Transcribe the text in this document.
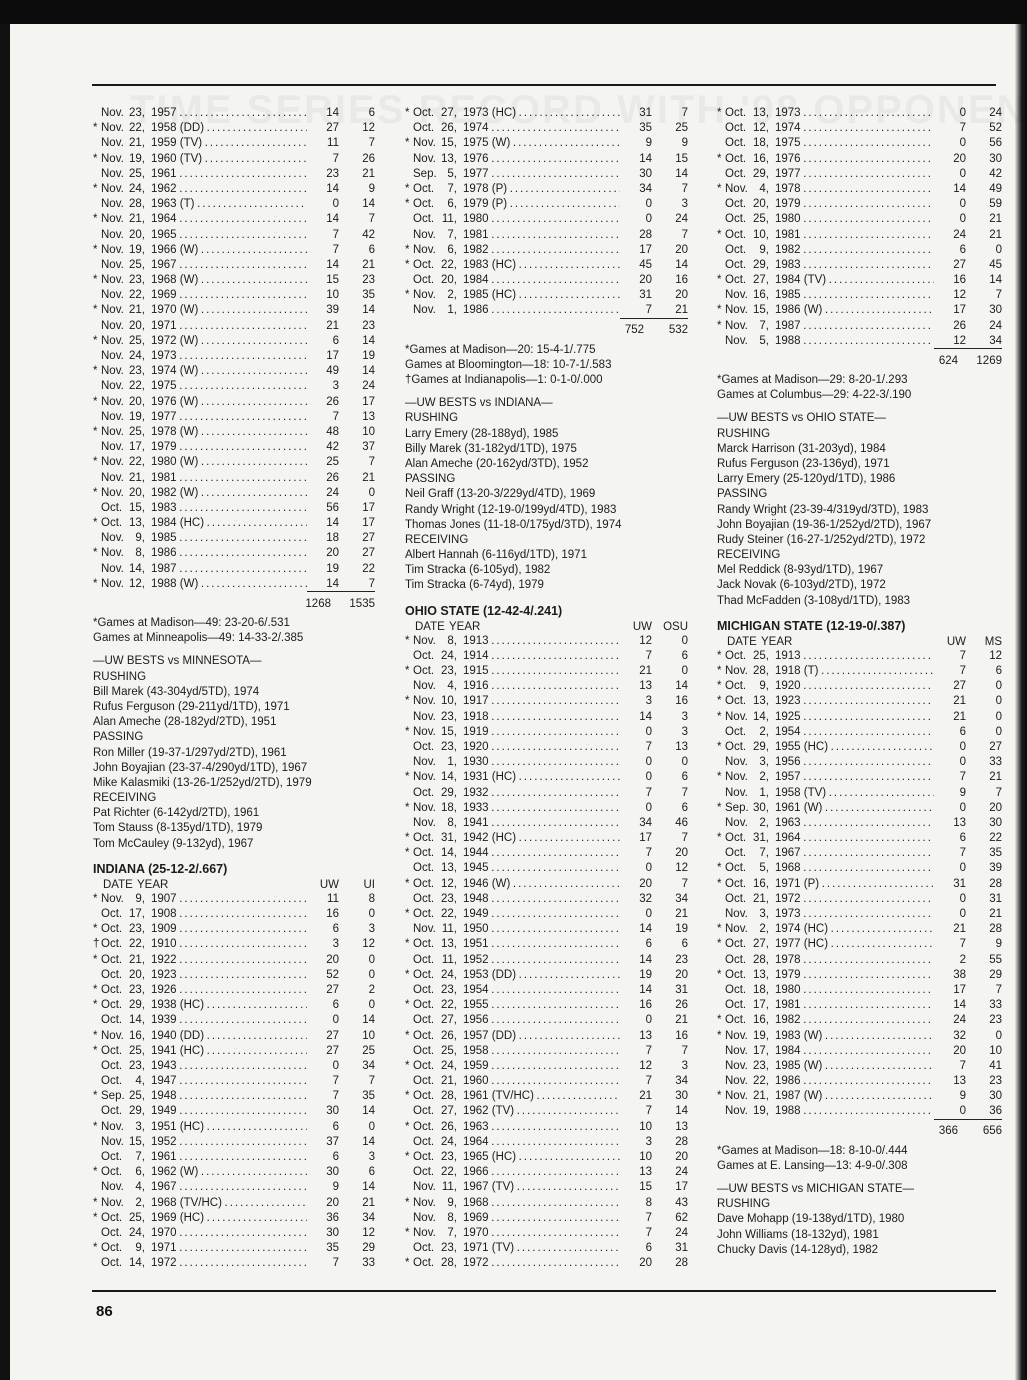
Nov. 23, 1957 . . .	14	6
* Nov. 22, 1958 (DD) . . .	27	12
Nov. 21, 1959 (TV) . . .	11	7
* Nov. 19, 1960 (TV) . . .	7	26
Nov. 25, 1961 . . .	23	21
* Nov. 24, 1962 . . .	14	9
Nov. 28, 1963 (T) . . .	0	14
* Nov. 21, 1964 . . .	14	7
Nov. 20, 1965 . . .	7	42
* Nov. 19, 1966 (W) . . .	7	6
Nov. 25, 1967 . . .	14	21
* Nov. 23, 1968 (W) . . .	15	23
Nov. 22, 1969 . . .	10	35
* Nov. 21, 1970 (W) . . .	39	14
Nov. 20, 1971 . . .	21	23
* Nov. 25, 1972 (W) . . .	6	14
Nov. 24, 1973 . . .	17	19
* Nov. 23, 1974 (W) . . .	49	14
Nov. 22, 1975 . . .	3	24
* Nov. 20, 1976 (W) . . .	26	17
Nov. 19, 1977 . . .	7	13
* Nov. 25, 1978 (W) . . .	48	10
Nov. 17, 1979 . . .	42	37
* Nov. 22, 1980 (W) . . .	25	7
Nov. 21, 1981 . . .	26	21
* Nov. 20, 1982 (W) . . .	24	0
Oct. 15, 1983 . . .	56	17
* Oct. 13, 1984 (HC) . . .	14	17
Nov.	9, 1985 . . .	18	27
* Nov.	8, 1986 . . .	20	27
Nov. 14, 1987 . . .	19	22
* Nov. 12, 1988 (W) . . .	14	7
1268	1535
*Games at Madison—49: 23-20-6/.531
Games at Minneapolis—49: 14-33-2/.385
—UW BESTS vs MINNESOTA—
RUSHING
Bill Marek (43-304yd/5TD), 1974
Rufus Ferguson (29-211yd/1TD), 1971
Alan Ameche (28-182yd/2TD), 1951
PASSING
Ron Miller (19-37-1/297yd/2TD), 1961
John Boyajian (23-37-4/290yd/1TD), 1967
Mike Kalasmiki (13-26-1/252yd/2TD), 1979
RECEIVING
Pat Richter (6-142yd/2TD), 1961
Tom Stauss (8-135yd/1TD), 1979
Tom McCauley (9-132yd), 1967
INDIANA (25-12-2/.667)
DATE YEAR	UW	UI
* Nov.	9, 1907 . . .	11	8
Oct. 17, 1908 . . .	16	0
* Oct. 23, 1909 . . .	6	3
† Oct. 22, 1910 . . .	3	12
* Oct. 21, 1922 . . .	20	0
Oct. 20, 1923 . . .	52	0
* Oct. 23, 1926 . . .	27	2
* Oct. 29, 1938 (HC) . . .	6	0
Oct. 14, 1939 . . .	0	14
* Nov. 16, 1940 (DD) . . .	27	10
* Oct. 25, 1941 (HC) . . .	27	25
Oct. 23, 1943 . . .	0	34
Oct.	4, 1947 . . .	7	7
* Sep. 25, 1948 . . .	7	35
Oct. 29, 1949 . . .	30	14
* Nov.	3, 1951 (HC) . . .	6	0
Nov. 15, 1952 . . .	37	14
Oct.	7, 1961 . . .	6	3
* Oct.	6, 1962 (W) . . .	30	6
Nov.	4, 1967 . . .	9	14
* Nov.	2, 1968 (TV/HC) . . .	20	21
* Oct. 25, 1969 (HC) . . .	36	34
Oct. 24, 1970 . . .	30	12
* Oct.	9, 1971 . . .	35	29
Oct. 14, 1972 . . .	7	33
* Oct. 27, 1973 (HC) . . .	31	7
Oct. 26, 1974 . . .	35	25
* Nov. 15, 1975 (W) . . .	9	9
Nov. 13, 1976 . . .	14	15
Sep. 5, 1977 . . .	30	14
* Oct.	7, 1978 (P) . . .	34	7
* Oct.	6, 1979 (P) . . .	0	3
Oct. 11, 1980 . . .	0	24
Nov.	7, 1981 . . .	28	7
* Nov.	6, 1982 . . .	17	20
* Oct. 22, 1983 (HC) . . .	45	14
Oct. 20, 1984 . . .	20	16
* Nov.	2, 1985 (HC) . . .	31	20
Nov.	1, 1986 . . .	7	21
752	532
*Games at Madison—20: 15-4-1/.775
Games at Bloomington—18: 10-7-1/.583
†Games at Indianapolis—1: 0-1-0/.000
—UW BESTS vs INDIANA—
RUSHING
Larry Emery (28-188yd), 1985
Billy Marek (31-182yd/1TD), 1975
Alan Ameche (20-162yd/3TD), 1952
PASSING
Neil Graff (13-20-3/229yd/4TD), 1969
Randy Wright (12-19-0/199yd/4TD), 1983
Thomas Jones (11-18-0/175yd/3TD), 1974
RECEIVING
Albert Hannah (6-116yd/1TD), 1971
Tim Stracka (6-105yd), 1982
Tim Stracka (6-74yd), 1979
OHIO STATE (12-42-4/.241)
DATE YEAR	UW OSU
* Nov.	8, 1913 . . .	12	0
Oct. 24, 1914 . . .	7	6
* Oct. 23, 1915 . . .	21	0
Nov.	4, 1916 . . .	13	14
* Nov. 10, 1917 . . .	3	16
Nov. 23, 1918 . . .	14	3
* Nov. 15, 1919 . . .	0	3
Oct. 23, 1920 . . .	7	13
Nov.	1, 1930 . . .	0	0
* Nov. 14, 1931 (HC) . . .	0	6
Oct. 29, 1932 . . .	7	7
* Nov. 18, 1933 . . .	0	6
Nov.	8, 1941 . . .	34	46
* Oct. 31, 1942 (HC) . . .	17	7
* Oct. 14, 1944 . . .	7	20
Oct. 13, 1945 . . .	0	12
* Oct. 12, 1946 (W) . . .	20	7
Oct. 23, 1948 . . .	32	34
* Oct. 22, 1949 . . .	0	21
Nov. 11, 1950 . . .	14	19
* Oct. 13, 1951 . . .	6	6
Oct. 11, 1952 . . .	14	23
* Oct. 24, 1953 (DD) . . .	19	20
Oct. 23, 1954 . . .	14	31
* Oct. 22, 1955 . . .	16	26
Oct. 27, 1956 . . .	0	21
* Oct. 26, 1957 (DD) . . .	13	16
Oct. 25, 1958 . . .	7	7
* Oct. 24, 1959 . . .	12	3
Oct. 21, 1960 . . .	7	34
* Oct. 28, 1961 (TV/HC) . . .	21	30
Oct. 27, 1962 (TV) . . .	7	14
* Oct. 26, 1963 . . .	10	13
Oct. 24, 1964 . . .	3	28
* Oct. 23, 1965 (HC) . . .	10	20
Oct. 22, 1966 . . .	13	24
Nov. 11, 1967 (TV) . . .	15	17
* Nov.	9, 1968 . . .	8	43
Nov.	8, 1969 . . .	7	62
* Nov.	7, 1970 . . .	7	24
Oct. 23, 1971 (TV) . . .	6	31
* Oct. 28, 1972 . . .	20	28
* Oct. 13, 1973 . . .	0	24
Oct. 12, 1974 . . .	7	52
Oct. 18, 1975 . . .	0	56
* Oct. 16, 1976 . . .	20	30
Oct. 29, 1977 . . .	0	42
* Nov.	4, 1978 . . .	14	49
Oct. 20, 1979 . . .	0	59
Oct. 25, 1980 . . .	0	21
* Oct. 10, 1981 . . .	24	21
Oct.	9, 1982 . . .	6	0
Oct. 29, 1983 . . .	27	45
* Oct. 27, 1984 (TV) . . .	16	14
Nov. 16, 1985 . . .	12	7
* Nov. 15, 1986 (W) . . .	17	30
* Nov.	7, 1987 . . .	26	24
Nov.	5, 1988 . . .	12	34
624	1269
*Games at Madison—29: 8-20-1/.293
Games at Columbus—29: 4-22-3/.190
—UW BESTS vs OHIO STATE—
RUSHING
Marck Harrison (31-203yd), 1984
Rufus Ferguson (23-136yd), 1971
Larry Emery (25-120yd/1TD), 1986
PASSING
Randy Wright (23-39-4/319yd/3TD), 1983
John Boyajian (19-36-1/252yd/2TD), 1967
Rudy Steiner (16-27-1/252yd/2TD), 1972
RECEIVING
Mel Reddick (8-93yd/1TD), 1967
Jack Novak (6-103yd/2TD), 1972
Thad McFadden (3-108yd/1TD), 1983
MICHIGAN STATE (12-19-0/.387)
DATE YEAR	UW	MS
* Oct. 25, 1913 . . .	7	12
* Nov. 28, 1918 (T) . . .	7	6
* Oct.	9, 1920 . . .	27	0
* Oct. 13, 1923 . . .	21	0
* Nov. 14, 1925 . . .	21	0
Oct.	2, 1954 . . .	6	0
* Oct. 29, 1955 (HC) . . .	0	27
Nov.	3, 1956 . . .	0	33
* Nov.	2, 1957 . . .	7	21
Nov.	1, 1958 (TV) . . .	9	7
* Sep. 30, 1961 (W) . . .	0	20
Nov.	2, 1963 . . .	13	30
* Oct. 31, 1964 . . .	6	22
Oct.	7, 1967 . . .	7	35
* Oct.	5, 1968 . . .	0	39
* Oct. 16, 1971 (P) . . .	31	28
Oct. 21, 1972 . . .	0	31
Nov.	3, 1973 . . .	0	21
* Nov.	2, 1974 (HC) . . .	21	28
* Oct. 27, 1977 (HC) . . .	7	9
Oct. 28, 1978 . . .	2	55
* Oct. 13, 1979 . . .	38	29
Oct. 18, 1980 . . .	17	7
Oct. 17, 1981 . . .	14	33
* Oct. 16, 1982 . . .	24	23
* Nov. 19, 1983 (W) . . .	32	0
Nov. 17, 1984 . . .	20	10
Nov. 23, 1985 (W) . . .	7	41
Nov. 22, 1986 . . .	13	23
* Nov. 21, 1987 (W) . . .	9	30
Nov. 19, 1988 . . .	0	36
366	656
*Games at Madison—18: 8-10-0/.444
Games at E. Lansing—13: 4-9-0/.308
—UW BESTS vs MICHIGAN STATE—
RUSHING
Dave Mohapp (19-138yd/1TD), 1980
John Williams (18-132yd), 1981
Chucky Davis (14-128yd), 1982
86
